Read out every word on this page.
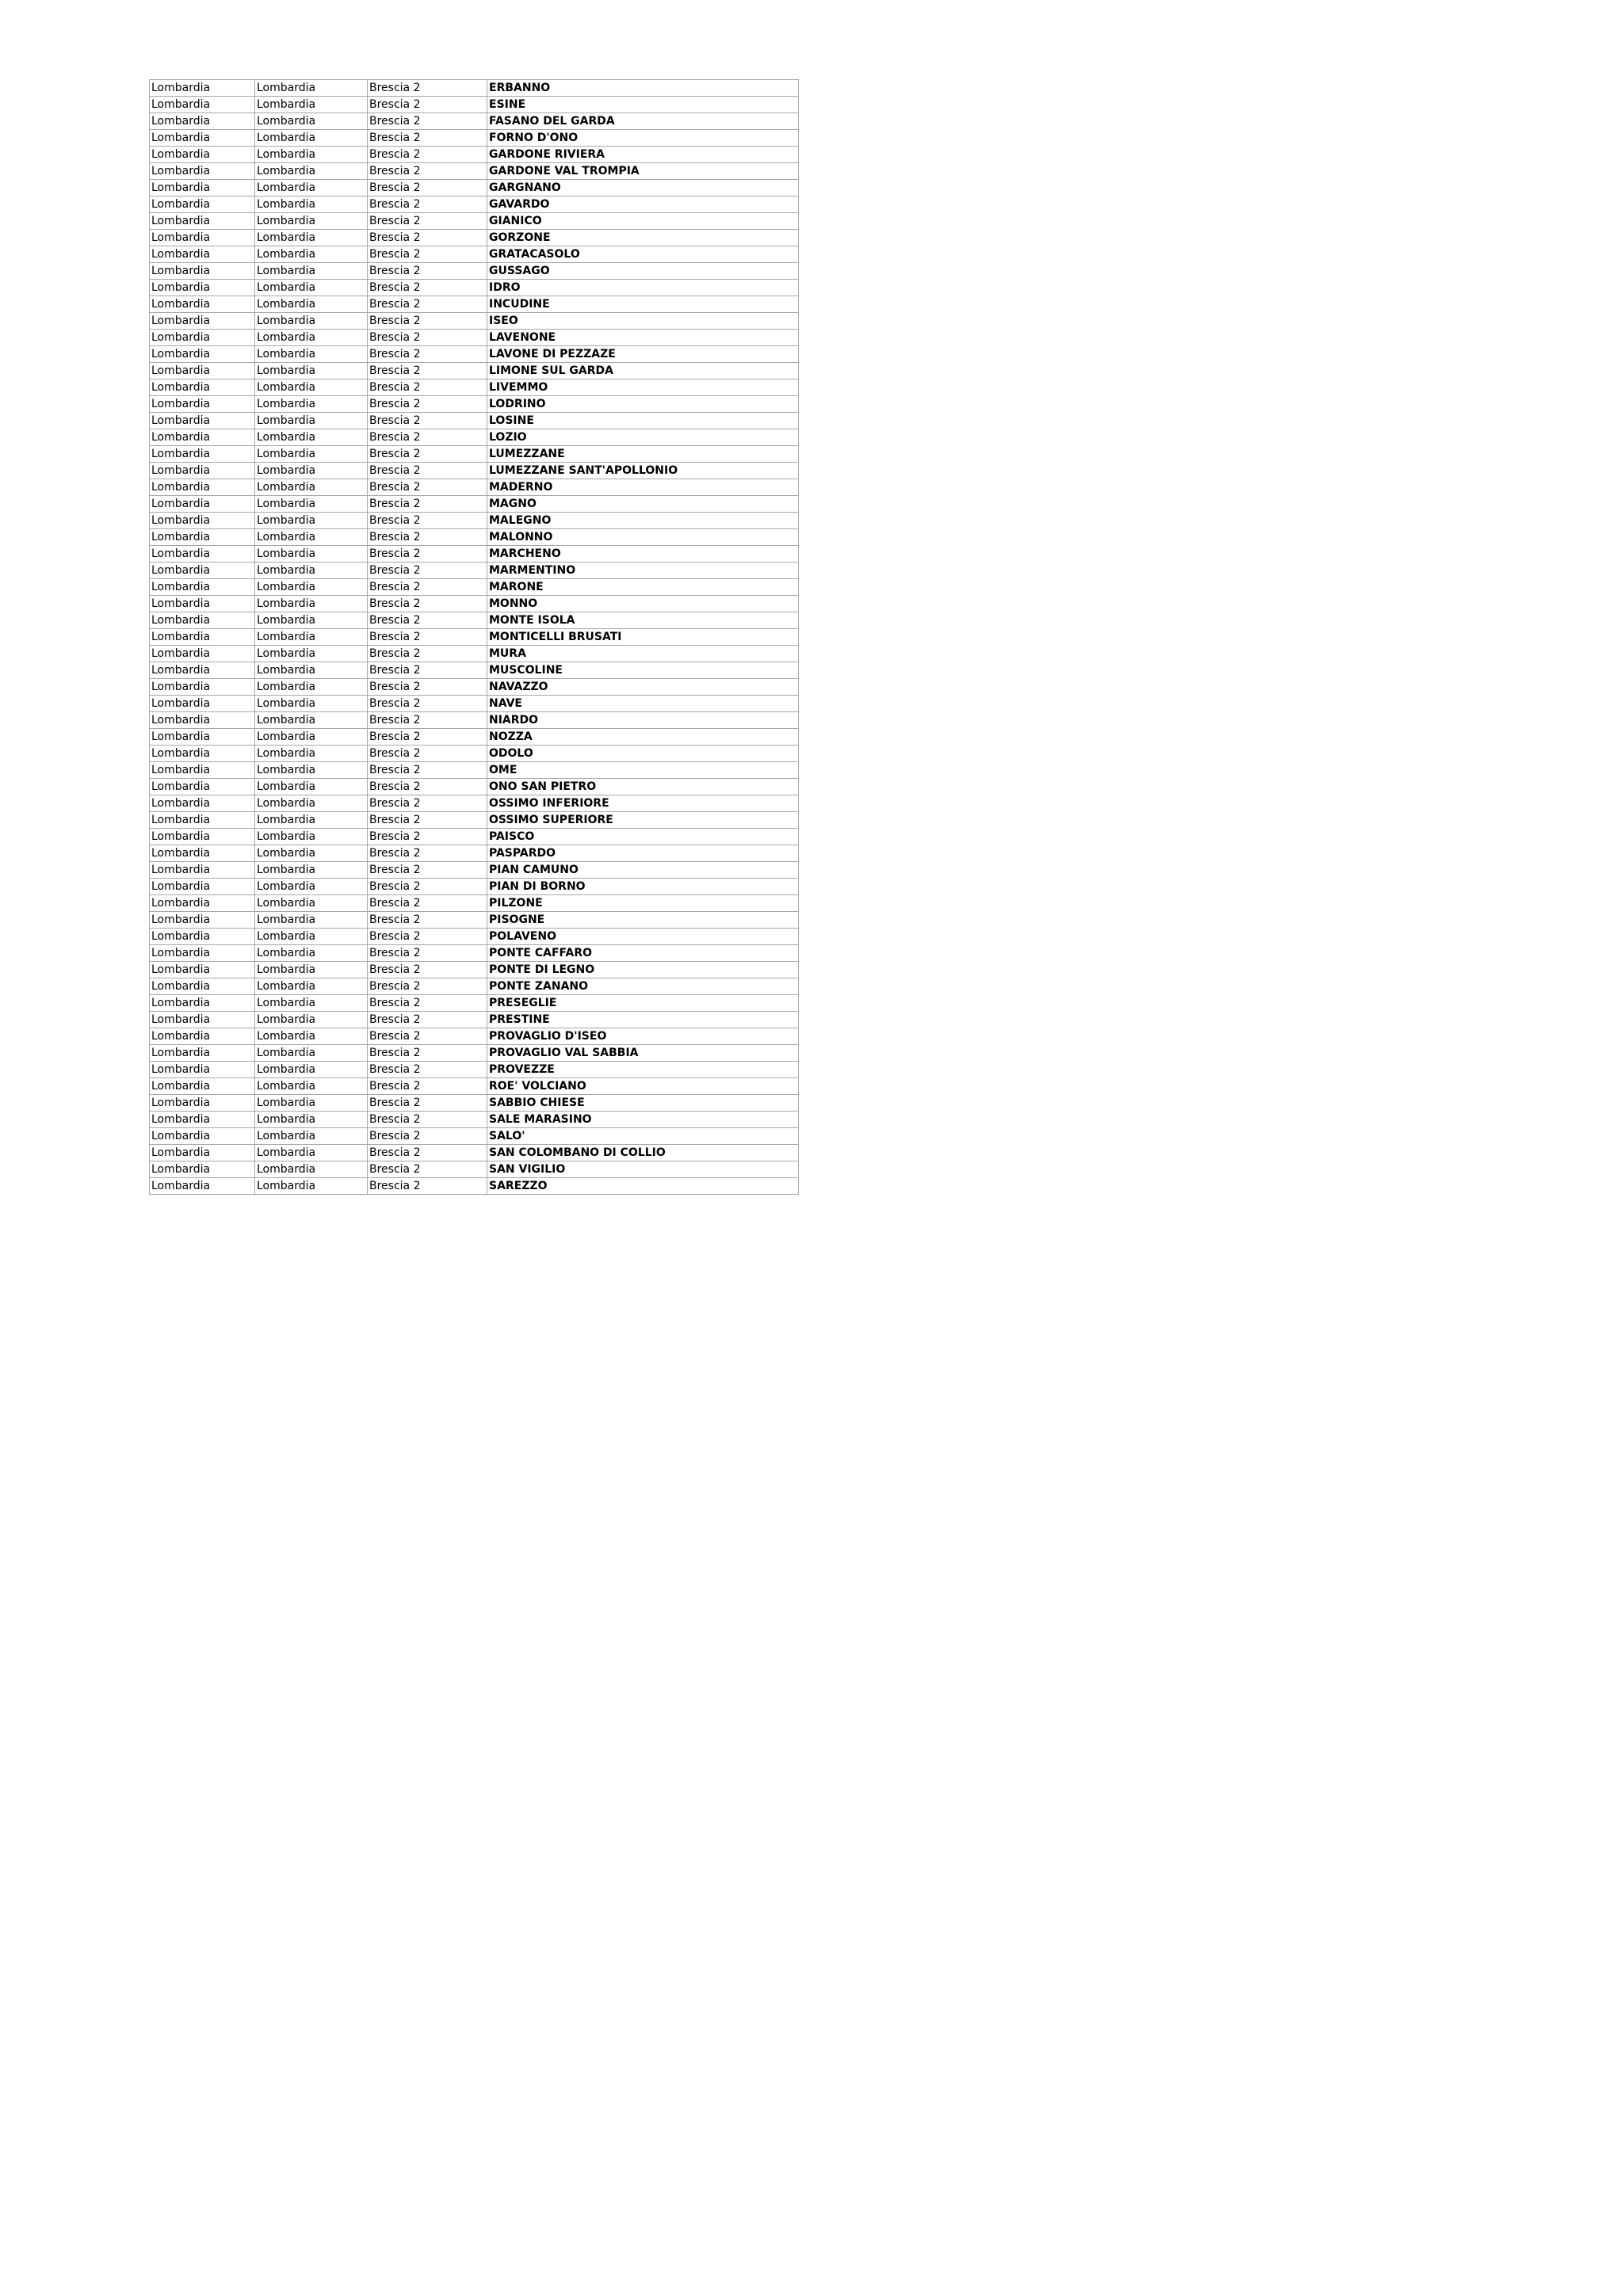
Lombardia	Lombardia	Brescia 2	ERBANNO
Lombardia	Lombardia	Brescia 2	ESINE
Lombardia	Lombardia	Brescia 2	FASANO DEL GARDA
Lombardia	Lombardia	Brescia 2	FORNO D'ONO
Lombardia	Lombardia	Brescia 2	GARDONE RIVIERA
Lombardia	Lombardia	Brescia 2	GARDONE VAL TROMPIA
Lombardia	Lombardia	Brescia 2	GARGNANO
Lombardia	Lombardia	Brescia 2	GAVARDO
Lombardia	Lombardia	Brescia 2	GIANICO
Lombardia	Lombardia	Brescia 2	GORZONE
Lombardia	Lombardia	Brescia 2	GRATACASOLO
Lombardia	Lombardia	Brescia 2	GUSSAGO
Lombardia	Lombardia	Brescia 2	IDRO
Lombardia	Lombardia	Brescia 2	INCUDINE
Lombardia	Lombardia	Brescia 2	ISEO
Lombardia	Lombardia	Brescia 2	LAVENONE
Lombardia	Lombardia	Brescia 2	LAVONE DI PEZZAZE
Lombardia	Lombardia	Brescia 2	LIMONE SUL GARDA
Lombardia	Lombardia	Brescia 2	LIVEMMO
Lombardia	Lombardia	Brescia 2	LODRINO
Lombardia	Lombardia	Brescia 2	LOSINE
Lombardia	Lombardia	Brescia 2	LOZIO
Lombardia	Lombardia	Brescia 2	LUMEZZANE
Lombardia	Lombardia	Brescia 2	LUMEZZANE SANT'APOLLONIO
Lombardia	Lombardia	Brescia 2	MADERNO
Lombardia	Lombardia	Brescia 2	MAGNO
Lombardia	Lombardia	Brescia 2	MALEGNO
Lombardia	Lombardia	Brescia 2	MALONNO
Lombardia	Lombardia	Brescia 2	MARCHENO
Lombardia	Lombardia	Brescia 2	MARMENTINO
Lombardia	Lombardia	Brescia 2	MARONE
Lombardia	Lombardia	Brescia 2	MONNO
Lombardia	Lombardia	Brescia 2	MONTE ISOLA
Lombardia	Lombardia	Brescia 2	MONTICELLI BRUSATI
Lombardia	Lombardia	Brescia 2	MURA
Lombardia	Lombardia	Brescia 2	MUSCOLINE
Lombardia	Lombardia	Brescia 2	NAVAZZO
Lombardia	Lombardia	Brescia 2	NAVE
Lombardia	Lombardia	Brescia 2	NIARDO
Lombardia	Lombardia	Brescia 2	NOZZA
Lombardia	Lombardia	Brescia 2	ODOLO
Lombardia	Lombardia	Brescia 2	OME
Lombardia	Lombardia	Brescia 2	ONO SAN PIETRO
Lombardia	Lombardia	Brescia 2	OSSIMO INFERIORE
Lombardia	Lombardia	Brescia 2	OSSIMO SUPERIORE
Lombardia	Lombardia	Brescia 2	PAISCO
Lombardia	Lombardia	Brescia 2	PASPARDO
Lombardia	Lombardia	Brescia 2	PIAN CAMUNO
Lombardia	Lombardia	Brescia 2	PIAN DI BORNO
Lombardia	Lombardia	Brescia 2	PILZONE
Lombardia	Lombardia	Brescia 2	PISOGNE
Lombardia	Lombardia	Brescia 2	POLAVENO
Lombardia	Lombardia	Brescia 2	PONTE CAFFARO
Lombardia	Lombardia	Brescia 2	PONTE DI LEGNO
Lombardia	Lombardia	Brescia 2	PONTE ZANANO
Lombardia	Lombardia	Brescia 2	PRESEGLIE
Lombardia	Lombardia	Brescia 2	PRESTINE
Lombardia	Lombardia	Brescia 2	PROVAGLIO D'ISEO
Lombardia	Lombardia	Brescia 2	PROVAGLIO VAL SABBIA
Lombardia	Lombardia	Brescia 2	PROVEZZE
Lombardia	Lombardia	Brescia 2	ROE' VOLCIANO
Lombardia	Lombardia	Brescia 2	SABBIO CHIESE
Lombardia	Lombardia	Brescia 2	SALE MARASINO
Lombardia	Lombardia	Brescia 2	SALO'
Lombardia	Lombardia	Brescia 2	SAN COLOMBANO DI COLLIO
Lombardia	Lombardia	Brescia 2	SAN VIGILIO
Lombardia	Lombardia	Brescia 2	SAREZZO
